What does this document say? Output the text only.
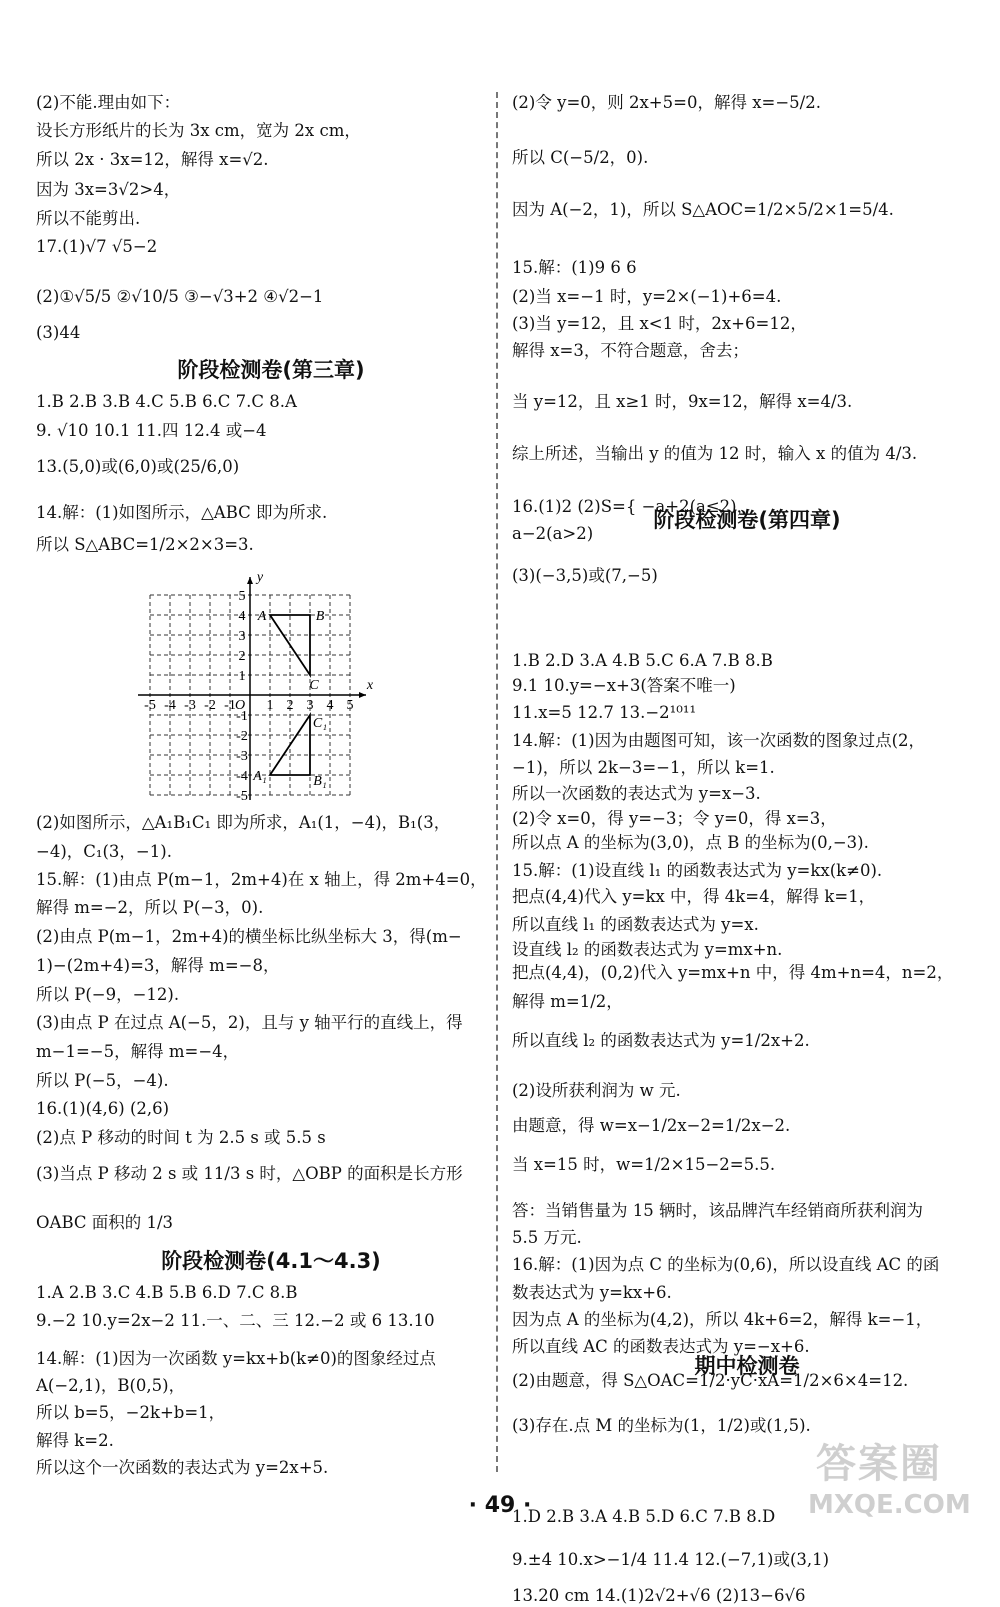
(2)不能.理由如下：
设长方形纸片的长为 3x cm，宽为 2x cm，
所以 2x · 3x=12，解得 x=√2.
因为 3x=3√2>4，
所以不能剪出.
17.(1)√7 √5−2
(2)①√5/5 ②√10/5 ③−√3+2 ④√2−1
(3)44
1.B 2.B 3.B 4.C 5.B 6.C 7.C 8.A
9. √10 10.1 11.四 12.4 或−4
13.(5,0)或(6,0)或(25/6,0)
14.解：(1)如图所示，△ABC 即为所求.
所以 S△ABC=1/2×2×3=3.
(2)如图所示，△A₁B₁C₁ 即为所求，A₁(1，−4)，B₁(3，
−4)，C₁(3，−1).
15.解：(1)由点 P(m−1，2m+4)在 x 轴上，得 2m+4=0，
解得 m=−2，所以 P(−3，0).
(2)由点 P(m−1，2m+4)的横坐标比纵坐标大 3，得(m−
1)−(2m+4)=3，解得 m=−8，
所以 P(−9，−12).
(3)由点 P 在过点 A(−5，2)，且与 y 轴平行的直线上，得
m−1=−5，解得 m=−4，
所以 P(−5，−4).
16.(1)(4,6) (2,6)
(2)点 P 移动的时间 t 为 2.5 s 或 5.5 s
(3)当点 P 移动 2 s 或 11/3 s 时，△OBP 的面积是长方形
OABC 面积的 1/3
1.A 2.B 3.C 4.B 5.B 6.D 7.C 8.B
9.−2 10.y=2x−2 11.一、二、三 12.−2 或 6 13.10
14.解：(1)因为一次函数 y=kx+b(k≠0)的图象经过点
A(−2,1)，B(0,5)，
所以 b=5，−2k+b=1，
解得 k=2.
所以这个一次函数的表达式为 y=2x+5.
阶段检测卷(第三章)
阶段检测卷(4.1～4.3)
(2)令 y=0，则 2x+5=0，解得 x=−5/2.
所以 C(−5/2，0).
因为 A(−2，1)，所以 S△AOC=1/2×5/2×1=5/4.
15.解：(1)9 6 6
(2)当 x=−1 时，y=2×(−1)+6=4.
(3)当 y=12，且 x<1 时，2x+6=12，
解得 x=3，不符合题意，舍去；
当 y=12，且 x≥1 时，9x=12，解得 x=4/3.
综上所述，当输出 y 的值为 12 时，输入 x 的值为 4/3.
16.(1)2 (2)S={ −a+2(a≤2)，
a−2(a>2)
(3)(−3,5)或(7,−5)
1.B 2.D 3.A 4.B 5.C 6.A 7.B 8.B
9.1 10.y=−x+3(答案不唯一)
11.x=5 12.7 13.−2¹⁰¹¹
14.解：(1)因为由题图可知，该一次函数的图象过点(2，
−1)，所以 2k−3=−1，所以 k=1.
所以一次函数的表达式为 y=x−3.
(2)令 x=0，得 y=−3；令 y=0，得 x=3，
所以点 A 的坐标为(3,0)，点 B 的坐标为(0,−3).
15.解：(1)设直线 l₁ 的函数表达式为 y=kx(k≠0).
把点(4,4)代入 y=kx 中，得 4k=4，解得 k=1，
所以直线 l₁ 的函数表达式为 y=x.
设直线 l₂ 的函数表达式为 y=mx+n.
把点(4,4)，(0,2)代入 y=mx+n 中，得 4m+n=4，n=2，
解得 m=1/2，
所以直线 l₂ 的函数表达式为 y=1/2x+2.
(2)设所获利润为 w 元.
由题意，得 w=x−1/2x−2=1/2x−2.
当 x=15 时，w=1/2×15−2=5.5.
答：当销售量为 15 辆时，该品牌汽车经销商所获利润为
5.5 万元.
16.解：(1)因为点 C 的坐标为(0,6)，所以设直线 AC 的函
数表达式为 y=kx+6.
因为点 A 的坐标为(4,2)，所以 4k+6=2，解得 k=−1，
所以直线 AC 的函数表达式为 y=−x+6.
(2)由题意，得 S△OAC=1/2·yC·xA=1/2×6×4=12.
(3)存在.点 M 的坐标为(1，1/2)或(1,5).
1.D 2.B 3.A 4.B 5.D 6.C 7.B 8.D
9.±4 10.x>−1/4 11.4 12.(−7,1)或(3,1)
13.20 cm 14.(1)2√2+√6 (2)13−6√6
阶段检测卷(第四章)
期中检测卷
-5 -4 -3 -2 -1 1 2 3 4 5
5
4
3
2
1
-1
-2
-3
-4
-5
O
x
y
A	B
C
A₁	B₁
C₁
· 49 ·
答案圈
MXQE.COM
